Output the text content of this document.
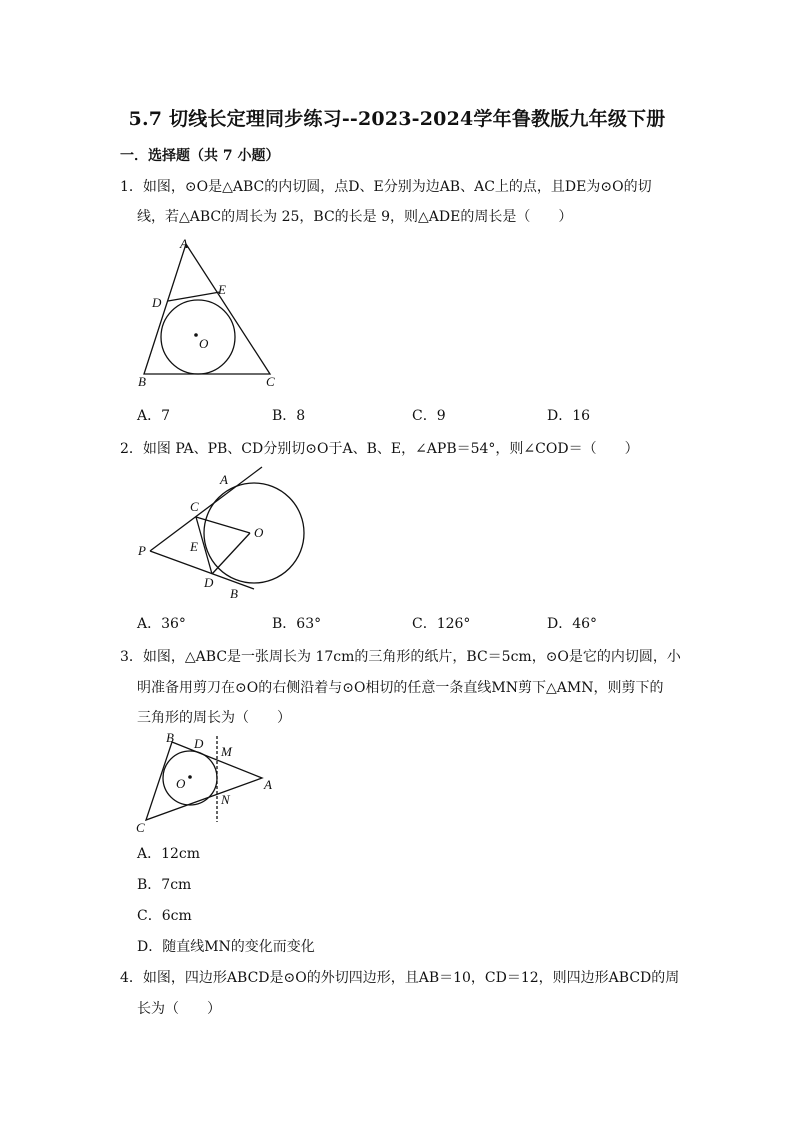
5.7 切线长定理同步练习--2023-2024学年鲁教版九年级下册
一．选择题（共 7 小题）
1．如图，⊙O是△ABC的内切圆，点D、E分别为边AB、AC上的点，且DE为⊙O的切
线，若△ABC的周长为 25，BC的长是 9，则△ADE的周长是（　　）
A
B	C
D
E
O
A．7	B．8	C．9	D．16
2．如图 PA、PB、CD分别切⊙O于A、B、E，∠APB＝54°，则∠COD＝（　　）
C
A
P	E
D
B
O
A．36°	B．63°	C．126°	D．46°
3．如图，△ABC是一张周长为 17cm的三角形的纸片，BC＝5cm，⊙O是它的内切圆，小
明准备用剪刀在⊙O的右侧沿着与⊙O相切的任意一条直线MN剪下△AMN，则剪下的
三角形的周长为（　　）
B D
M
O	A
N
C
A．12cm
B．7cm
C．6cm
D．随直线MN的变化而变化
4．如图，四边形ABCD是⊙O的外切四边形，且AB＝10，CD＝12，则四边形ABCD的周
长为（　　）
